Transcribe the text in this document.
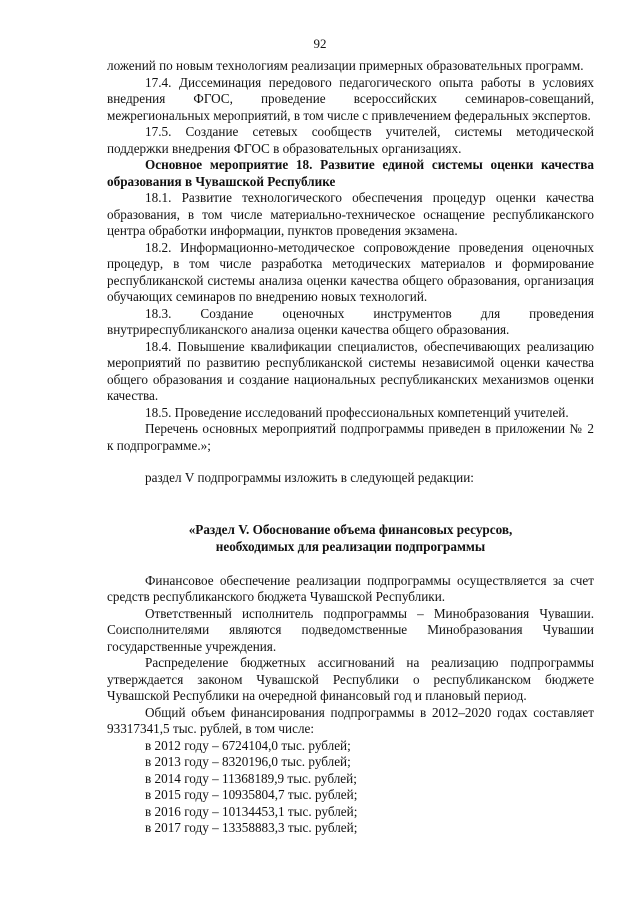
92

ложений по новым технологиям реализации примерных образовательных программ.

17.4. Диссеминация передового педагогического опыта работы в условиях внедрения ФГОС, проведение всероссийских семинаров-совещаний, межрегиональных мероприятий, в том числе с привлечением федеральных экспертов.

17.5. Создание сетевых сообществ учителей, системы методической поддержки внедрения ФГОС в образовательных организациях.

Основное мероприятие 18. Развитие единой системы оценки качества образования в Чувашской Республике

18.1. Развитие технологического обеспечения процедур оценки качества образования, в том числе материально-техническое оснащение республиканского центра обработки информации, пунктов проведения экзамена.

18.2. Информационно-методическое сопровождение проведения оценочных процедур, в том числе разработка методических материалов и формирование республиканской системы анализа оценки качества общего образования, организация обучающих семинаров по внедрению новых технологий.

18.3. Создание оценочных инструментов для проведения внутриреспубликанского анализа оценки качества общего образования.

18.4. Повышение квалификации специалистов, обеспечивающих реализацию мероприятий по развитию республиканской системы независимой оценки качества общего образования и создание национальных республиканских механизмов оценки качества.

18.5. Проведение исследований профессиональных компетенций учителей.

Перечень основных мероприятий подпрограммы приведен в приложении № 2 к подпрограмме.»;

раздел V подпрограммы изложить в следующей редакции:

«Раздел V. Обоснование объема финансовых ресурсов,

необходимых для реализации подпрограммы

Финансовое обеспечение реализации подпрограммы осуществляется за счет средств республиканского бюджета Чувашской Республики.

Ответственный исполнитель подпрограммы – Минобразования Чувашии. Соисполнителями являются подведомственные Минобразования Чувашии государственные учреждения.

Распределение бюджетных ассигнований на реализацию подпрограммы утверждается законом Чувашской Республики о республиканском бюджете Чувашской Республики на очередной финансовый год и плановый период.

Общий объем финансирования подпрограммы в 2012–2020 годах составляет 93317341,5 тыс. рублей, в том числе:

в 2012 году – 6724104,0 тыс. рублей;

в 2013 году – 8320196,0 тыс. рублей;

в 2014 году – 11368189,9 тыс. рублей;

в 2015 году – 10935804,7 тыс. рублей;

в 2016 году – 10134453,1 тыс. рублей;

в 2017 году – 13358883,3 тыс. рублей;
